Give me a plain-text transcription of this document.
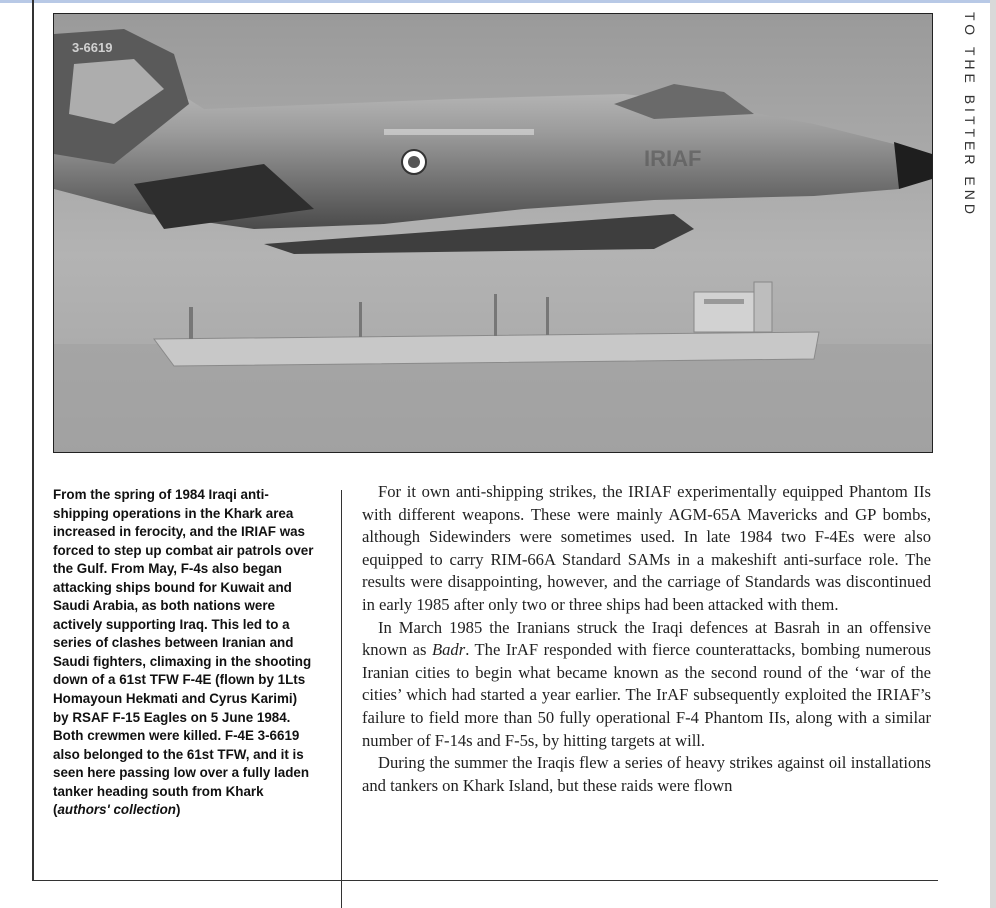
3-6619
IRIAF	TO THE BITTER END
From the spring of 1984 Iraqi anti-shipping operations in the Khark area increased in ferocity, and the IRIAF was forced to step up combat air patrols over the Gulf. From May, F-4s also began attacking ships bound for Kuwait and Saudi Arabia, as both nations were actively supporting Iraq. This led to a series of clashes between Iranian and Saudi fighters, climaxing in the shooting down of a 61st TFW F-4E (flown by 1Lts Homayoun Hekmati and Cyrus Karimi) by RSAF F-15 Eagles on 5 June 1984. Both crewmen were killed. F-4E 3-6619 also belonged to the 61st TFW, and it is seen here passing low over a fully laden tanker heading south from Khark (authors' collection)

For it own anti-shipping strikes, the IRIAF experimentally equipped Phantom IIs with different weapons. These were mainly AGM-65A Mavericks and GP bombs, although Sidewinders were sometimes used. In late 1984 two F-4Es were also equipped to carry RIM-66A Standard SAMs in a makeshift anti-surface role. The results were disappointing, however, and the carriage of Standards was discontinued in early 1985 after only two or three ships had been attacked with them.

In March 1985 the Iranians struck the Iraqi defences at Basrah in an offensive known as Badr. The IrAF responded with fierce counterattacks, bombing numerous Iranian cities to begin what became known as the second round of the ‘war of the cities’ which had started a year earlier. The IrAF subsequently exploited the IRIAF’s failure to field more than 50 fully operational F-4 Phantom IIs, along with a similar number of F-14s and F-5s, by hitting targets at will.

During the summer the Iraqis flew a series of heavy strikes against oil installations and tankers on Khark Island, but these raids were flown
